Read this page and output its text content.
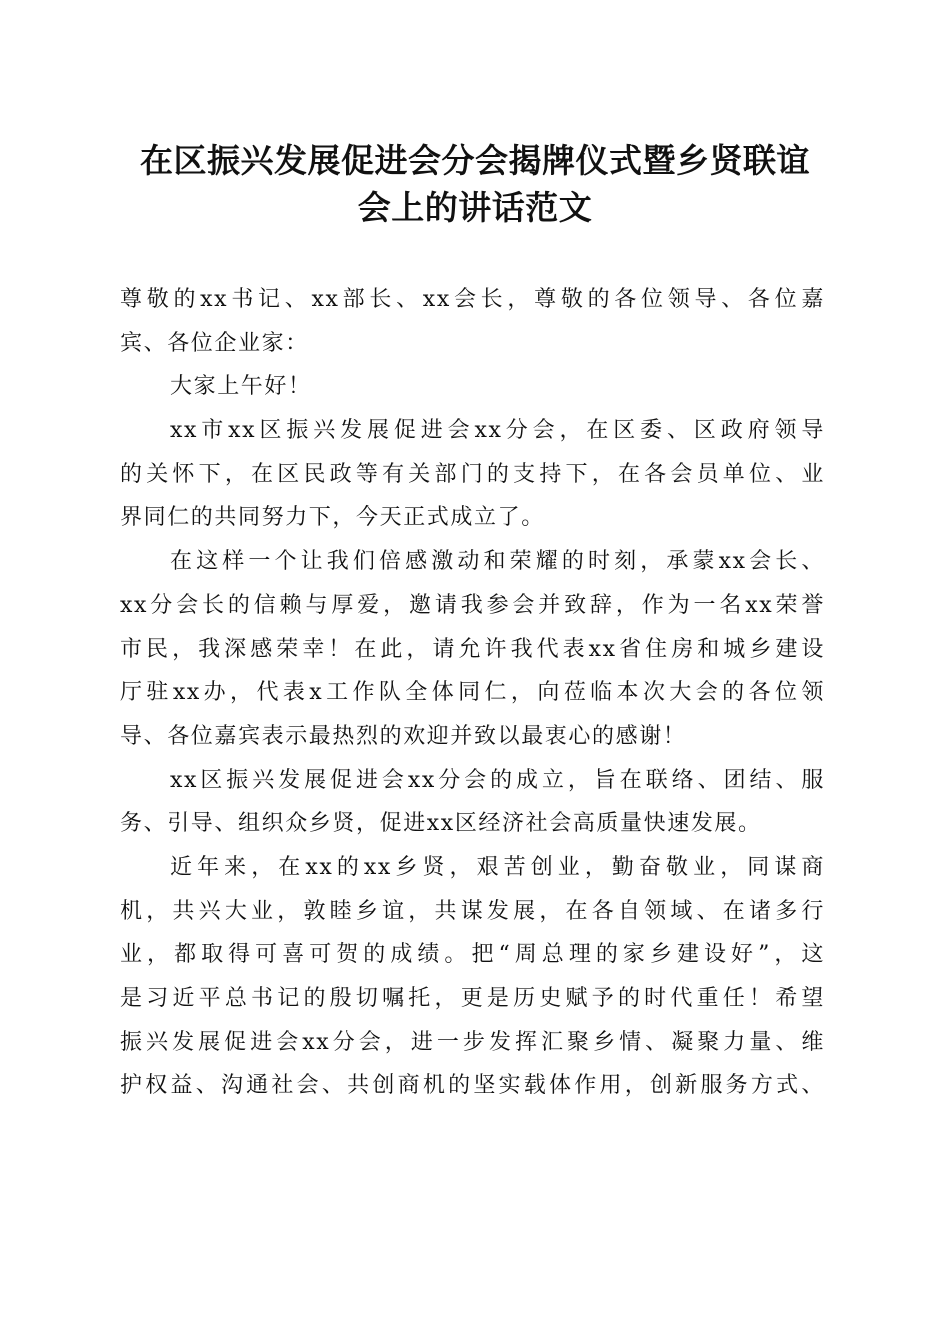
在区振兴发展促进会分会揭牌仪式暨乡贤联谊
会上的讲话范文
尊敬的xx书记、xx部长、xx会长，尊敬的各位领导、各位嘉
宾、各位企业家：
大家上午好！
xx市xx区振兴发展促进会xx分会，在区委、区政府领导
的关怀下，在区民政等有关部门的支持下，在各会员单位、业
界同仁的共同努力下，今天正式成立了。
在这样一个让我们倍感激动和荣耀的时刻，承蒙xx会长、
xx分会长的信赖与厚爱，邀请我参会并致辞，作为一名xx荣誉
市民，我深感荣幸！在此，请允许我代表xx省住房和城乡建设
厅驻xx办，代表x工作队全体同仁，向莅临本次大会的各位领
导、各位嘉宾表示最热烈的欢迎并致以最衷心的感谢！
xx区振兴发展促进会xx分会的成立，旨在联络、团结、服
务、引导、组织众乡贤，促进xx区经济社会高质量快速发展。
近年来，在xx的xx乡贤，艰苦创业，勤奋敬业，同谋商
机，共兴大业，敦睦乡谊，共谋发展，在各自领域、在诸多行
业，都取得可喜可贺的成绩。把“周总理的家乡建设好”，这
是习近平总书记的殷切嘱托，更是历史赋予的时代重任！希望
振兴发展促进会xx分会，进一步发挥汇聚乡情、凝聚力量、维
护权益、沟通社会、共创商机的坚实载体作用，创新服务方式、
